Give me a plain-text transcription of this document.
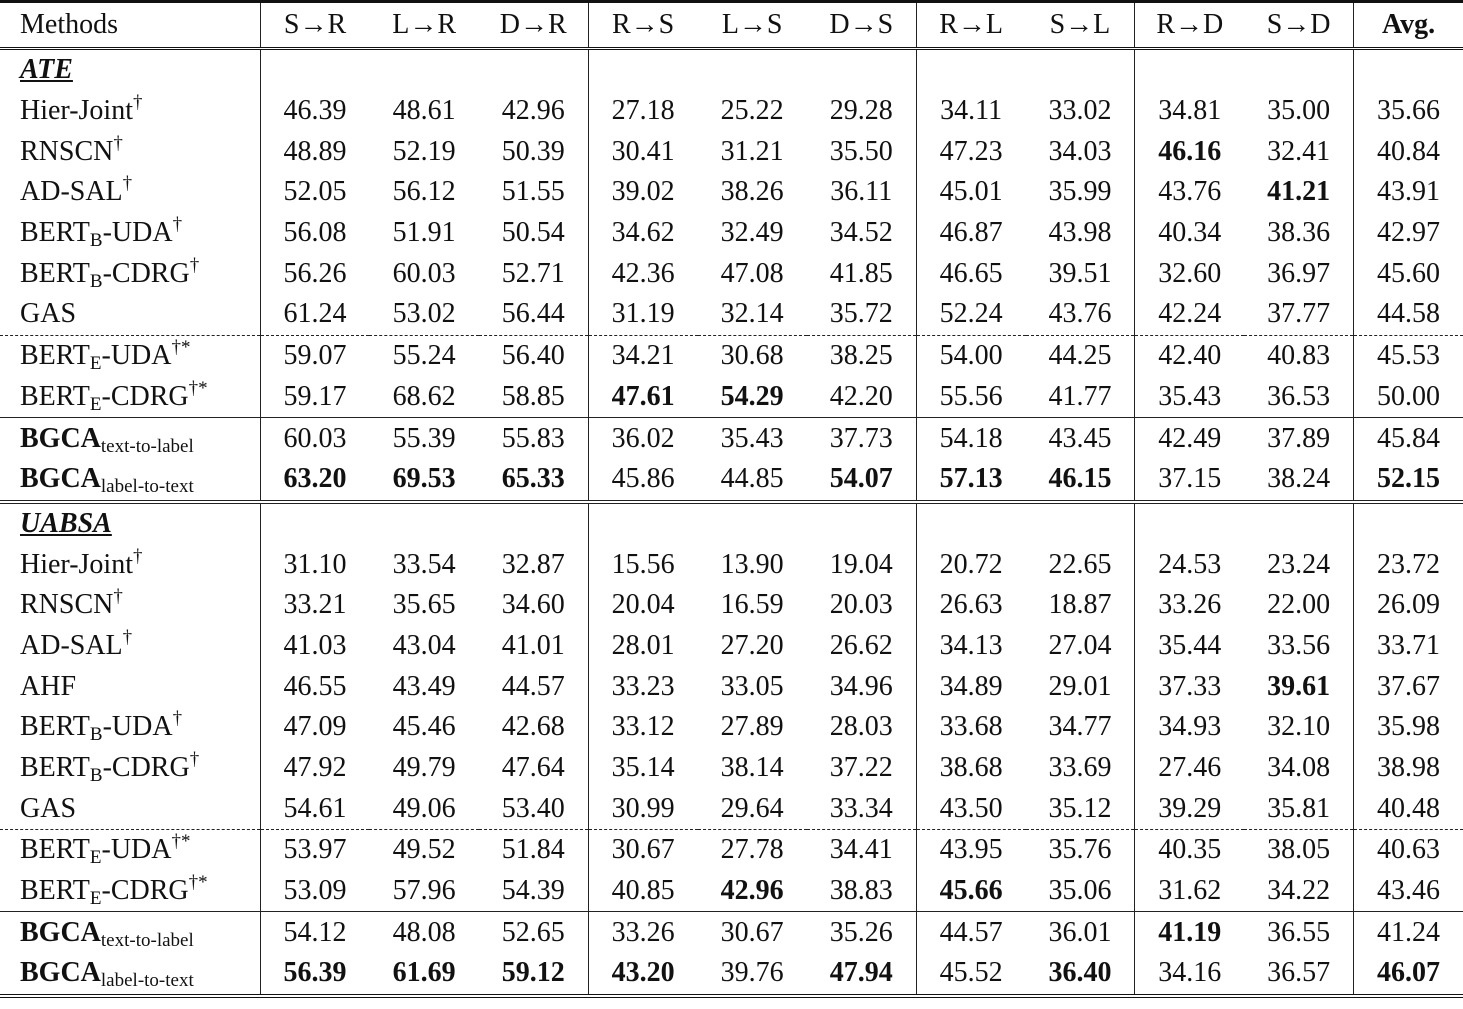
Methods	S→R	L→R	D→R	R→S	L→S	D→S	R→L	S→L	R→D	S→D	Avg.
ATE											
Hier-Joint†	46.39	48.61	42.96	27.18	25.22	29.28	34.11	33.02	34.81	35.00	35.66
RNSCN†	48.89	52.19	50.39	30.41	31.21	35.50	47.23	34.03	46.16	32.41	40.84
AD-SAL†	52.05	56.12	51.55	39.02	38.26	36.11	45.01	35.99	43.76	41.21	43.91
$BERT_B-UDA^\dagger$	56.08	51.91	50.54	34.62	32.49	34.52	46.87	43.98	40.34	38.36	42.97
$BERT_B-CDRG^\dagger$	56.26	60.03	52.71	42.36	47.08	41.85	46.65	39.51	32.60	36.97	45.60
GAS	61.24	53.02	56.44	31.19	32.14	35.72	52.24	43.76	42.24	37.77	44.58
$BERT_E-UDA^{\dagger*}$	59.07	55.24	56.40	34.21	30.68	38.25	54.00	44.25	42.40	40.83	45.53
$BERT_E-CDRG^{\dagger*}$	59.17	68.62	58.85	47.61	54.29	42.20	55.56	41.77	35.43	36.53	50.00
$BGCA_{text-to-label}$	60.03	55.39	55.83	36.02	35.43	37.73	54.18	43.45	42.49	37.89	45.84
$BGCA_{label-to-text}$	63.20	69.53	65.33	45.86	44.85	54.07	57.13	46.15	37.15	38.24	52.15
UABSA											
Hier-Joint†	31.10	33.54	32.87	15.56	13.90	19.04	20.72	22.65	24.53	23.24	23.72
RNSCN†	33.21	35.65	34.60	20.04	16.59	20.03	26.63	18.87	33.26	22.00	26.09
AD-SAL†	41.03	43.04	41.01	28.01	27.20	26.62	34.13	27.04	35.44	33.56	33.71
AHF	46.55	43.49	44.57	33.23	33.05	34.96	34.89	29.01	37.33	39.61	37.67
$BERT_B-UDA^\dagger$	47.09	45.46	42.68	33.12	27.89	28.03	33.68	34.77	34.93	32.10	35.98
$BERT_B-CDRG^\dagger$	47.92	49.79	47.64	35.14	38.14	37.22	38.68	33.69	27.46	34.08	38.98
GAS	54.61	49.06	53.40	30.99	29.64	33.34	43.50	35.12	39.29	35.81	40.48
$BERT_E-UDA^{\dagger*}$	53.97	49.52	51.84	30.67	27.78	34.41	43.95	35.76	40.35	38.05	40.63
$BERT_E-CDRG^{\dagger*}$	53.09	57.96	54.39	40.85	42.96	38.83	45.66	35.06	31.62	34.22	43.46
$BGCA_{text-to-label}$	54.12	48.08	52.65	33.26	30.67	35.26	44.57	36.01	41.19	36.55	41.24
$BGCA_{label-to-text}$	56.39	61.69	59.12	43.20	39.76	47.94	45.52	36.40	34.16	36.57	46.07
